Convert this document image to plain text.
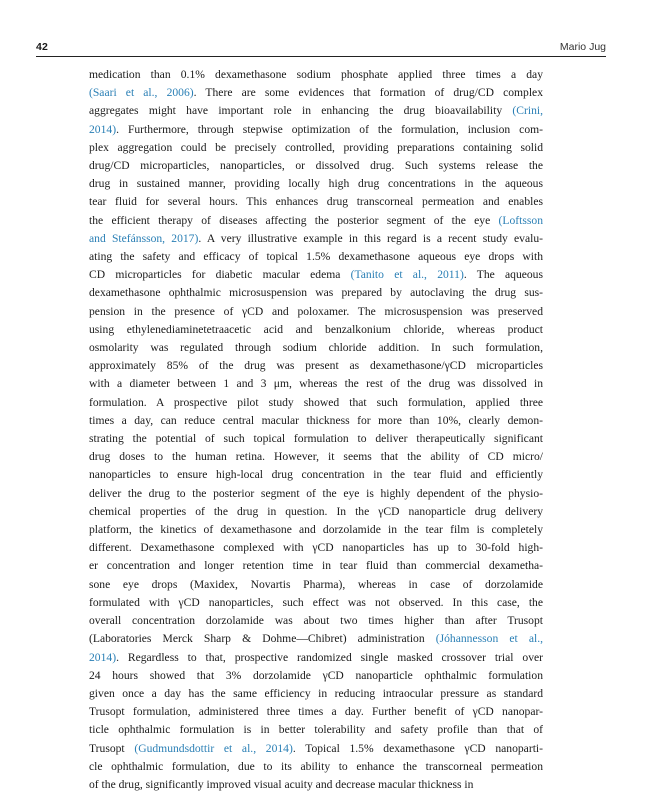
42	Mario Jug
medication than 0.1% dexamethasone sodium phosphate applied three times a day
(Saari et al., 2006). There are some evidences that formation of drug/CD complex
aggregates might have important role in enhancing the drug bioavailability (Crini,
2014). Furthermore, through stepwise optimization of the formulation, inclusion com-
plex aggregation could be precisely controlled, providing preparations containing solid
drug/CD microparticles, nanoparticles, or dissolved drug. Such systems release the
drug in sustained manner, providing locally high drug concentrations in the aqueous
tear fluid for several hours. This enhances drug transcorneal permeation and enables
the efficient therapy of diseases affecting the posterior segment of the eye (Loftsson
and Stefánsson, 2017). A very illustrative example in this regard is a recent study evalu-
ating the safety and efficacy of topical 1.5% dexamethasone aqueous eye drops with
CD microparticles for diabetic macular edema (Tanito et al., 2011). The aqueous
dexamethasone ophthalmic microsuspension was prepared by autoclaving the drug sus-
pension in the presence of γCD and poloxamer. The microsuspension was preserved
using ethylenediaminetetraacetic acid and benzalkonium chloride, whereas product
osmolarity was regulated through sodium chloride addition. In such formulation,
approximately 85% of the drug was present as dexamethasone/γCD microparticles
with a diameter between 1 and 3 μm, whereas the rest of the drug was dissolved in
formulation. A prospective pilot study showed that such formulation, applied three
times a day, can reduce central macular thickness for more than 10%, clearly demon-
strating the potential of such topical formulation to deliver therapeutically significant
drug doses to the human retina. However, it seems that the ability of CD micro/
nanoparticles to ensure high-local drug concentration in the tear fluid and efficiently
deliver the drug to the posterior segment of the eye is highly dependent of the physio-
chemical properties of the drug in question. In the γCD nanoparticle drug delivery
platform, the kinetics of dexamethasone and dorzolamide in the tear film is completely
different. Dexamethasone complexed with γCD nanoparticles has up to 30-fold high-
er concentration and longer retention time in tear fluid than commercial dexametha-
sone eye drops (Maxidex, Novartis Pharma), whereas in case of dorzolamide
formulated with γCD nanoparticles, such effect was not observed. In this case, the
overall concentration dorzolamide was about two times higher than after Trusopt
(Laboratories Merck Sharp & Dohme—Chibret) administration (Jóhannesson et al.,
2014). Regardless to that, prospective randomized single masked crossover trial over
24 hours showed that 3% dorzolamide γCD nanoparticle ophthalmic formulation
given once a day has the same efficiency in reducing intraocular pressure as standard
Trusopt formulation, administered three times a day. Further benefit of γCD nanopar-
ticle ophthalmic formulation is in better tolerability and safety profile than that of
Trusopt (Gudmundsdottir et al., 2014). Topical 1.5% dexamethasone γCD nanoparti-
cle ophthalmic formulation, due to its ability to enhance the transcorneal permeation
of the drug, significantly improved visual acuity and decrease macular thickness in
